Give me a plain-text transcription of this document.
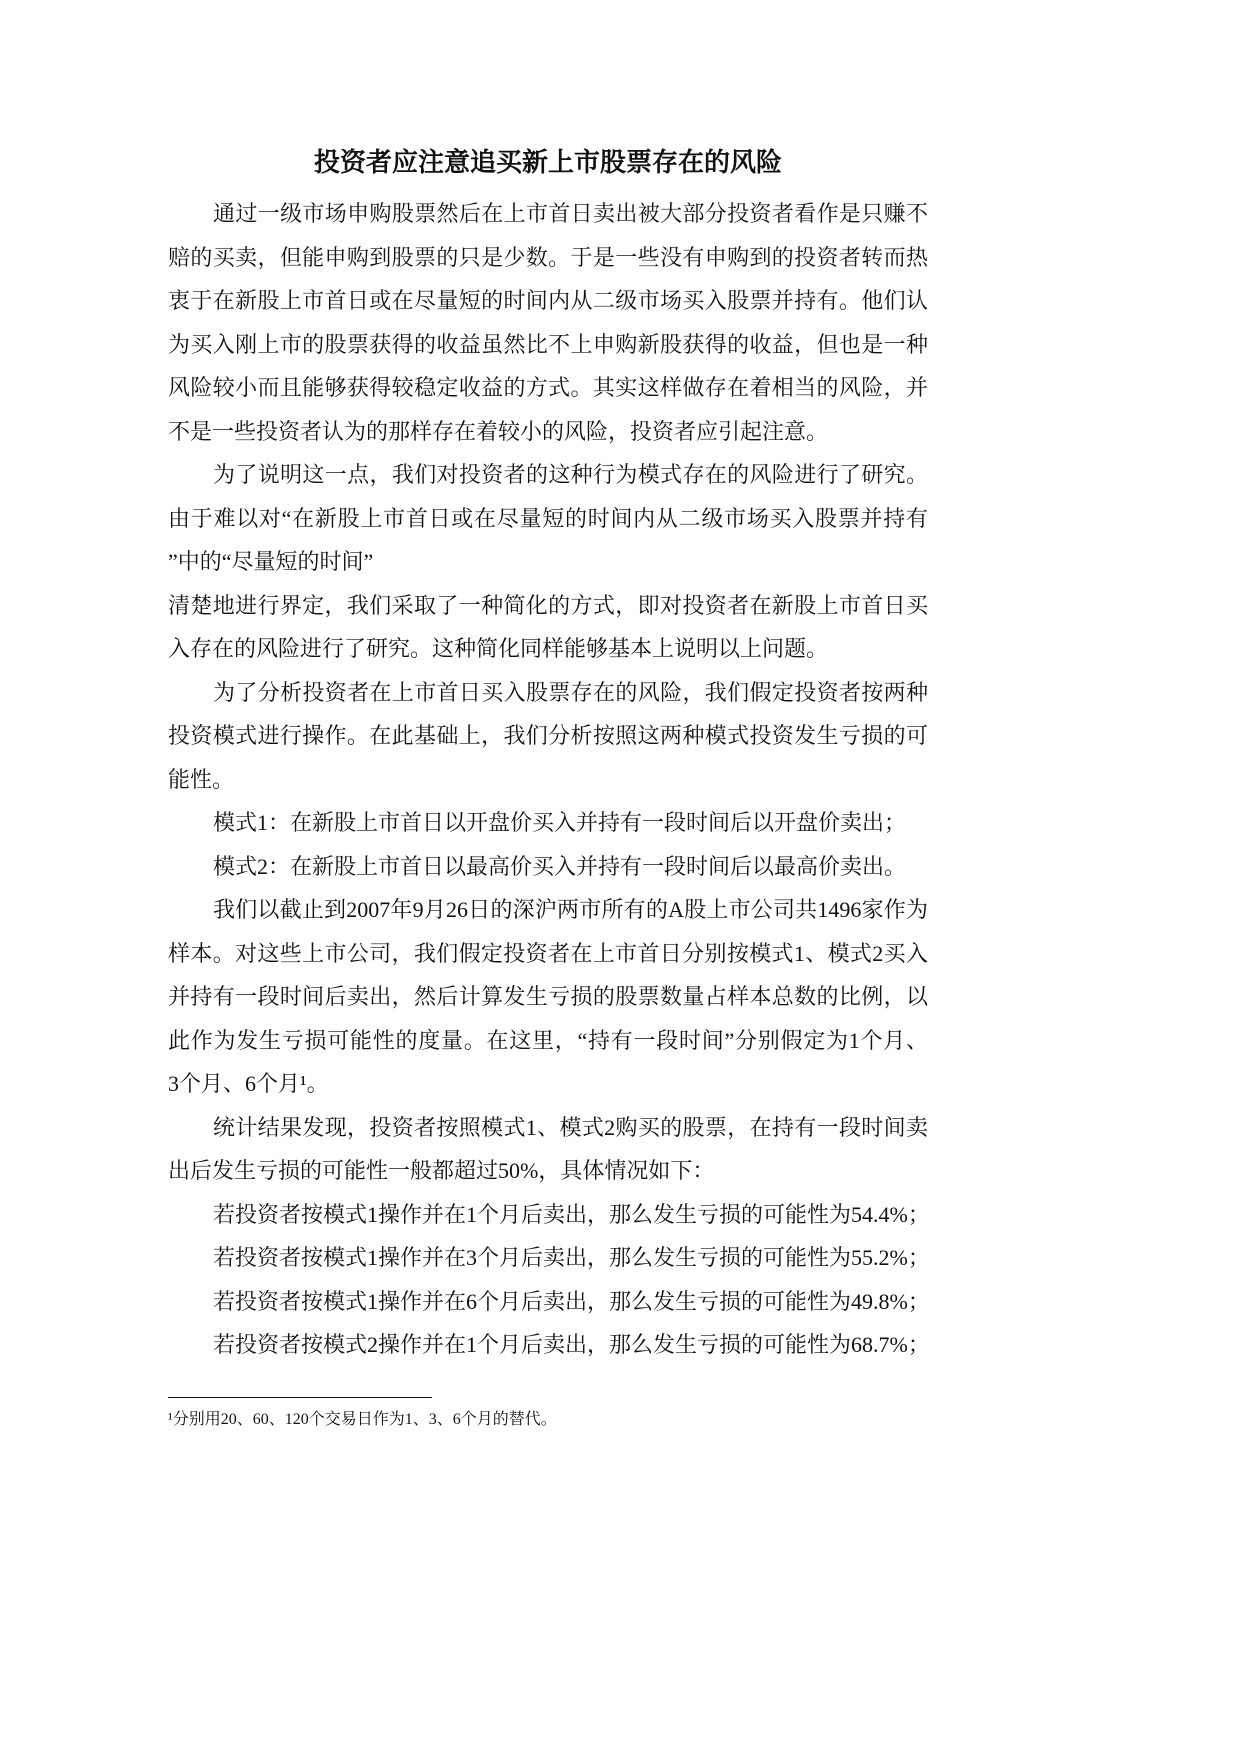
投资者应注意追买新上市股票存在的风险
通过一级市场申购股票然后在上市首日卖出被大部分投资者看作是只赚不
赔的买卖，但能申购到股票的只是少数。于是一些没有申购到的投资者转而热
衷于在新股上市首日或在尽量短的时间内从二级市场买入股票并持有。他们认
为买入刚上市的股票获得的收益虽然比不上申购新股获得的收益，但也是一种
风险较小而且能够获得较稳定收益的方式。其实这样做存在着相当的风险，并
不是一些投资者认为的那样存在着较小的风险，投资者应引起注意。
为了说明这一点，我们对投资者的这种行为模式存在的风险进行了研究。
由于难以对“在新股上市首日或在尽量短的时间内从二级市场买入股票并持有
”中的“尽量短的时间”
清楚地进行界定，我们采取了一种简化的方式，即对投资者在新股上市首日买
入存在的风险进行了研究。这种简化同样能够基本上说明以上问题。
为了分析投资者在上市首日买入股票存在的风险，我们假定投资者按两种
投资模式进行操作。在此基础上，我们分析按照这两种模式投资发生亏损的可
能性。
模式1：在新股上市首日以开盘价买入并持有一段时间后以开盘价卖出；
模式2：在新股上市首日以最高价买入并持有一段时间后以最高价卖出。
我们以截止到2007年9月26日的深沪两市所有的A股上市公司共1496家作为
样本。对这些上市公司，我们假定投资者在上市首日分别按模式1、模式2买入
并持有一段时间后卖出，然后计算发生亏损的股票数量占样本总数的比例，以
此作为发生亏损可能性的度量。在这里，“持有一段时间”分别假定为1个月、
3个月、6个月¹。
统计结果发现，投资者按照模式1、模式2购买的股票，在持有一段时间卖
出后发生亏损的可能性一般都超过50%，具体情况如下：
若投资者按模式1操作并在1个月后卖出，那么发生亏损的可能性为54.4%；
若投资者按模式1操作并在3个月后卖出，那么发生亏损的可能性为55.2%；
若投资者按模式1操作并在6个月后卖出，那么发生亏损的可能性为49.8%；
若投资者按模式2操作并在1个月后卖出，那么发生亏损的可能性为68.7%；
¹分别用20、60、120个交易日作为1、3、6个月的替代。
